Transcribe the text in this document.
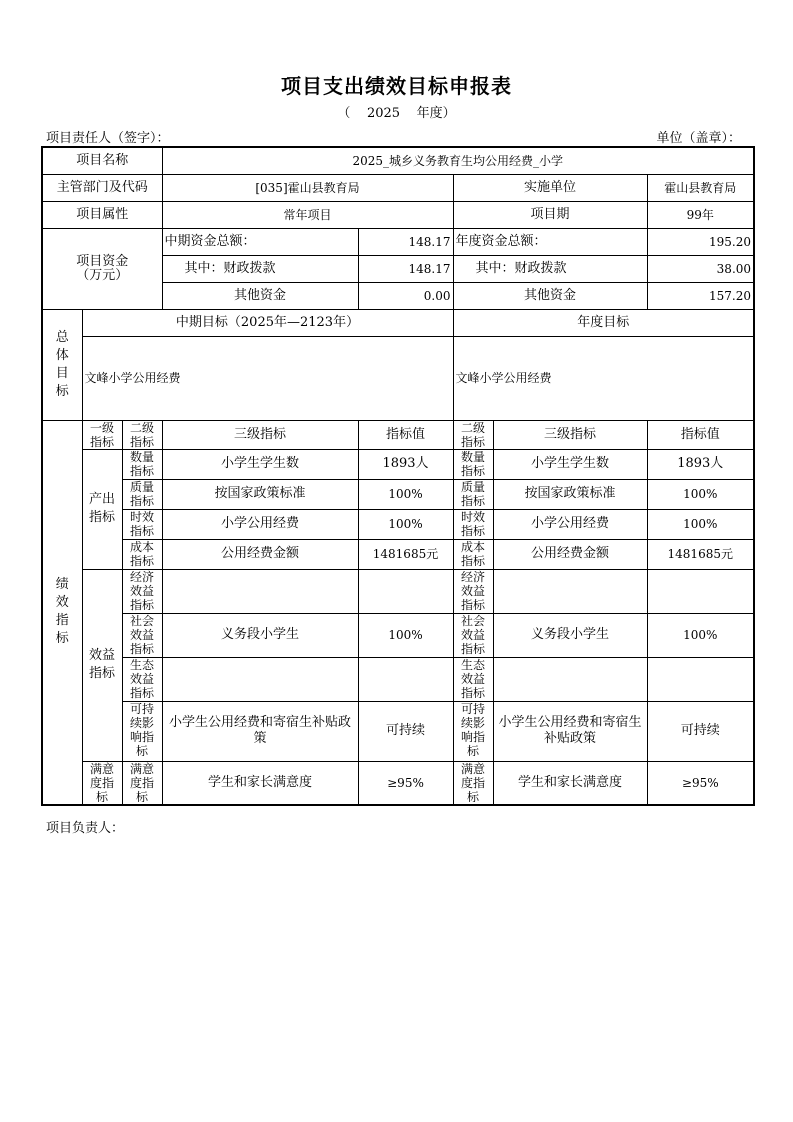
项目支出绩效目标申报表
（ 2025 年度）
项目责任人（签字）：	单位（盖章）：
项目名称			2025_城乡义务教育生均公用经费_小学				
主管部门及代码			[035]霍山县教育局		实施单位		霍山县教育局
项目属性			常年项目		项目期		99年

项目资金
（万元）			中期资金总额：	148.17	年度资金总额：		195.20
			其中：财政拨款	148.17	其中：财政拨款		38.00
			其他资金	0.00	其他资金		157.20

总体目标	中期目标（2025年—2123年）				年度目标		
	文峰小学公用经费				文峰小学公用经费		

绩效指标	一级指标	二级指标	三级指标	指标值	二级指标	三级指标	指标值

	产出指标	数量指标	小学生学生数	1893人	数量指标	小学生学生数	1893人

		质量指标	按国家政策标准	100%	质量指标	按国家政策标准	100%

		时效指标	小学公用经费	100%	时效指标	小学公用经费	100%

		成本指标	公用经费金额	1481685元	成本指标	公用经费金额	1481685元

	效益指标	经济效益指标			经济效益指标		

		社会效益指标	义务段小学生	100%	社会效益指标	义务段小学生	100%

		生态效益指标			生态效益指标		

		可持续影响指标	小学生公用经费和寄宿生补贴政策	可持续	可持续影响指标	小学生公用经费和寄宿生补贴政策	可持续

	满意度指标	满意度指标	学生和家长满意度	≥95%	满意度指标	学生和家长满意度	≥95%
项目负责人：
